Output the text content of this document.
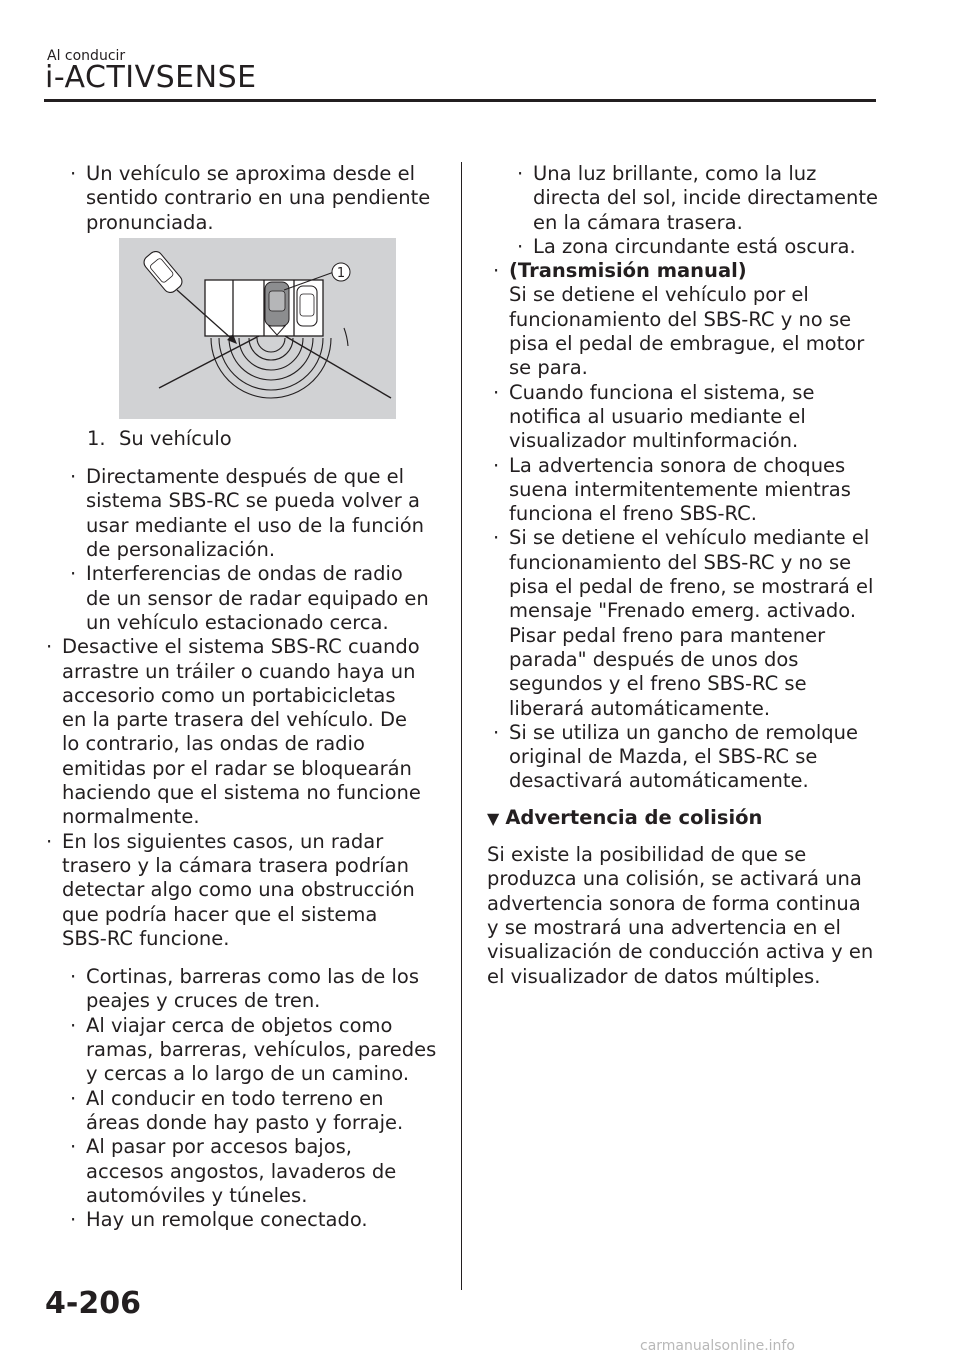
Al conducir
i-ACTIVSENSE
· Un vehículo se aproxima desde el
sentido contrario en una pendiente
pronunciada.
1
1. Su vehículo
· Directamente después de que el
sistema SBS-RC se pueda volver a
usar mediante el uso de la función
de personalización.
· Interferencias de ondas de radio
de un sensor de radar equipado en
un vehículo estacionado cerca.
· Desactive el sistema SBS-RC cuando
arrastre un tráiler o cuando haya un
accesorio como un portabicicletas
en la parte trasera del vehículo. De
lo contrario, las ondas de radio
emitidas por el radar se bloquearán
haciendo que el sistema no funcione
normalmente.
· En los siguientes casos, un radar
trasero y la cámara trasera podrían
detectar algo como una obstrucción
que podría hacer que el sistema
SBS-RC funcione.
· Cortinas, barreras como las de los
peajes y cruces de tren.
· Al viajar cerca de objetos como
ramas, barreras, vehículos, paredes
y cercas a lo largo de un camino.
· Al conducir en todo terreno en
áreas donde hay pasto y forraje.
· Al pasar por accesos bajos,
accesos angostos, lavaderos de
automóviles y túneles.
· Hay un remolque conectado.
· Una luz brillante, como la luz
directa del sol, incide directamente
en la cámara trasera.
· La zona circundante está oscura.
· (Transmisión manual)
Si se detiene el vehículo por el
funcionamiento del SBS-RC y no se
pisa el pedal de embrague, el motor
se para.
· Cuando funciona el sistema, se
notifica al usuario mediante el
visualizador multinformación.
· La advertencia sonora de choques
suena intermitentemente mientras
funciona el freno SBS-RC.
· Si se detiene el vehículo mediante el
funcionamiento del SBS-RC y no se
pisa el pedal de freno, se mostrará el
mensaje "Frenado emerg. activado.
Pisar pedal freno para mantener
parada" después de unos dos
segundos y el freno SBS-RC se
liberará automáticamente.
· Si se utiliza un gancho de remolque
original de Mazda, el SBS-RC se
desactivará automáticamente.
▼ Advertencia de colisión
Si existe la posibilidad de que se
produzca una colisión, se activará una
advertencia sonora de forma continua
y se mostrará una advertencia en el
visualización de conducción activa y en
el visualizador de datos múltiples.
4-206
carmanualsonline.info
